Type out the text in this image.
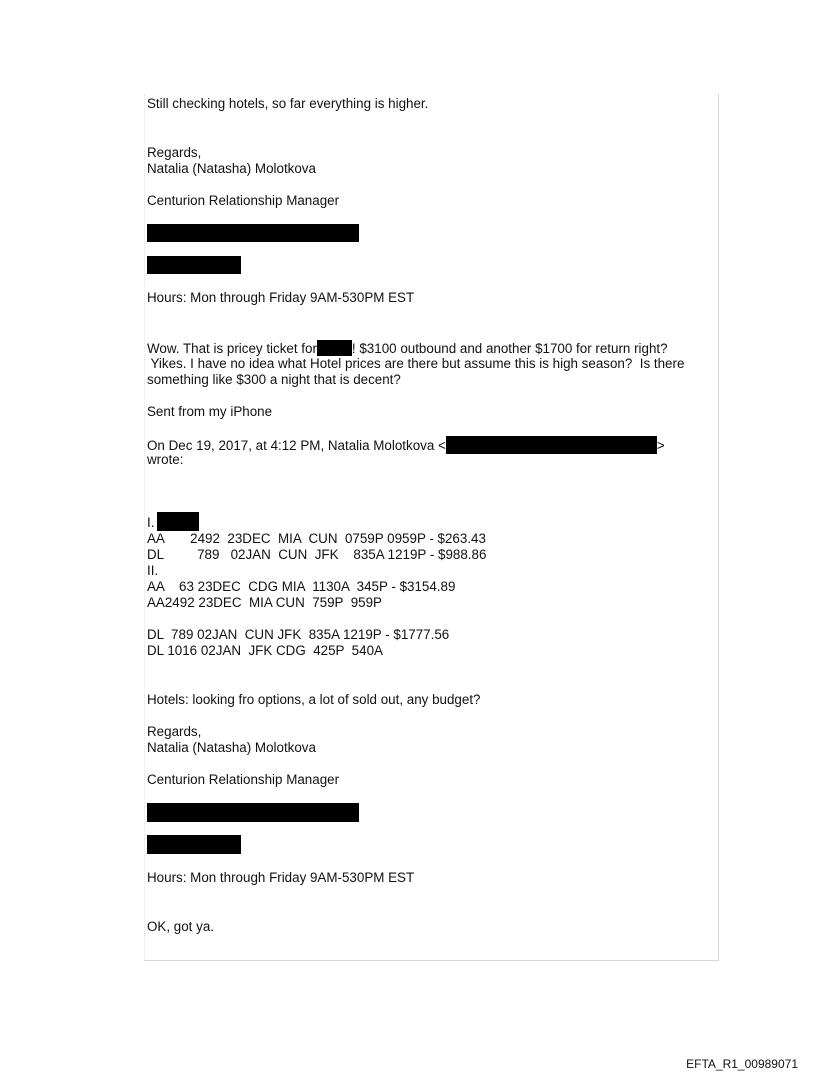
Still checking hotels, so far everything is higher.
Regards,
Natalia (Natasha) Molotkova
Centurion Relationship Manager
Hours: Mon through Friday 9AM-530PM EST
Wow. That is pricey ticket for	! $3100 outbound and another $1700 for return right?
Yikes. I have no idea what Hotel prices are there but assume this is high season?  Is there
something like $300 a night that is decent?
Sent from my iPhone
On Dec 19, 2017, at 4:12 PM, Natalia Molotkova <	>
wrote:
I.
AA       2492  23DEC  MIA  CUN  0759P 0959P - $263.43
DL         789   02JAN  CUN  JFK    835A 1219P - $988.86
II.
AA    63 23DEC  CDG MIA  1130A  345P - $3154.89
AA2492 23DEC  MIA CUN  759P  959P
DL  789 02JAN  CUN JFK  835A 1219P - $1777.56
DL 1016 02JAN  JFK CDG  425P  540A
Hotels: looking fro options, a lot of sold out, any budget?
Regards,
Natalia (Natasha) Molotkova
Centurion Relationship Manager
Hours: Mon through Friday 9AM-530PM EST
OK, got ya.
EFTA_R1_00989071
